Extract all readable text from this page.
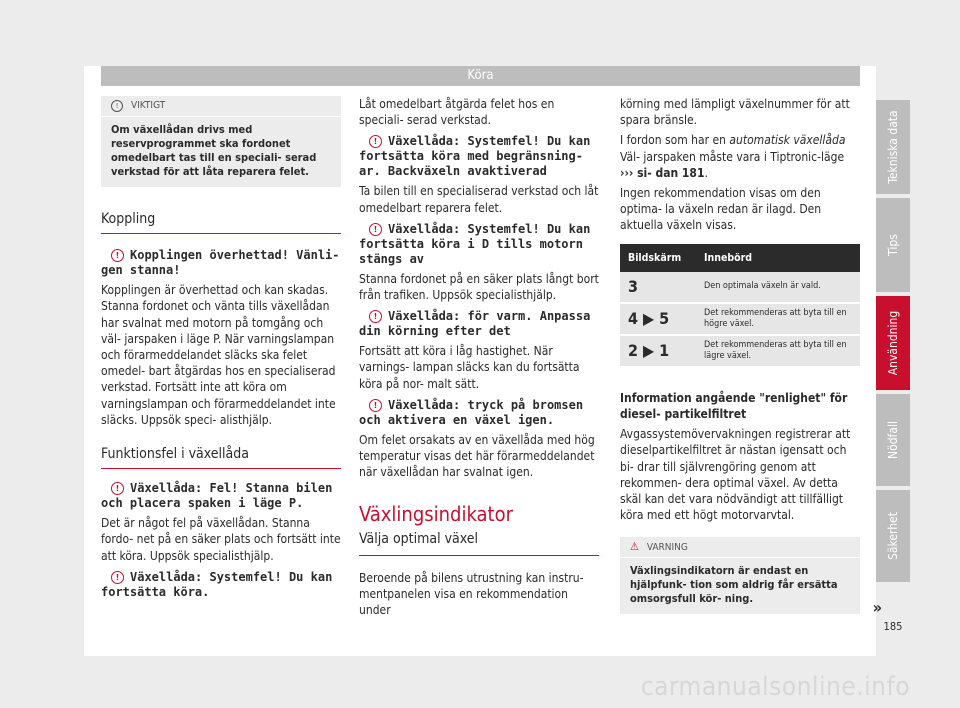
Köra
! VIKTIGT
Om växellådan drivs med reservprogrammet ska fordonet omedelbart tas till en speciali- serad verkstad för att låta reparera felet.
Koppling
! Kopplingen överhettad! Vänli- gen stanna!

Kopplingen är överhettad och kan skadas. Stanna fordonet och vänta tills växellådan har svalnat med motorn på tomgång och väl- jarspaken i läge P. När varningslampan och förarmeddelandet släcks ska felet omedel- bart åtgärdas hos en specialiserad verkstad. Fortsätt inte att köra om varningslampan och förarmeddelandet inte släcks. Uppsök speci- alisthjälp.

Funktionsfel i växellåda
! Växellåda: Fel! Stanna bilen och placera spaken i läge P.

Det är något fel på växellådan. Stanna fordo- net på en säker plats och fortsätt inte att köra. Uppsök specialisthjälp.

! Växellåda: Systemfel! Du kan fortsätta köra.

Låt omedelbart åtgärda felet hos en speciali- serad verkstad.

! Växellåda: Systemfel! Du kan fortsätta köra med begränsning- ar. Backväxeln avaktiverad

Ta bilen till en specialiserad verkstad och låt omedelbart reparera felet.

! Växellåda: Systemfel! Du kan fortsätta köra i D tills motorn stängs av

Stanna fordonet på en säker plats långt bort från trafiken. Uppsök specialisthjälp.

! Växellåda: för varm. Anpassa din körning efter det

Fortsätt att köra i låg hastighet. När varnings- lampan släcks kan du fortsätta köra på nor- malt sätt.

! Växellåda: tryck på bromsen och aktivera en växel igen.

Om felet orsakats av en växellåda med hög temperatur visas det här förarmeddelandet när växellådan har svalnat igen.

Växlingsindikator
Välja optimal växel

Beroende på bilens utrustning kan instru- mentpanelen visa en rekommendation under

körning med lämpligt växelnummer för att spara bränsle.

I fordon som har en automatisk växellåda Väl- jarspaken måste vara i Tiptronic-läge ››› si- dan 181.

Ingen rekommendation visas om den optima- la växeln redan är ilagd. Den aktuella växeln visas.

Bildskärm	Innebörd
3	Den optimala växeln är vald.
4 ▶ 5	Det rekommenderas att byta till en högre växel.
2 ▶ 1	Det rekommenderas att byta till en lägre växel.

Information angående "renlighet" för diesel- partikelfiltret

Avgassystemövervakningen registrerar att dieselpartikelfiltret är nästan igensatt och bi- drar till självrengöring genom att rekommen- dera optimal växel. Av detta skäl kan det vara nödvändigt att tillfälligt köra med ett högt motorvarvtal.

⚠ VARNING
Växlingsindikatorn är endast en hjälpfunk- tion som aldrig får ersätta omsorgsfull kör- ning.	»
Tekniska data
Tips
Användning
Nödfall
Säkerhet
185
carmanualsonline.info
